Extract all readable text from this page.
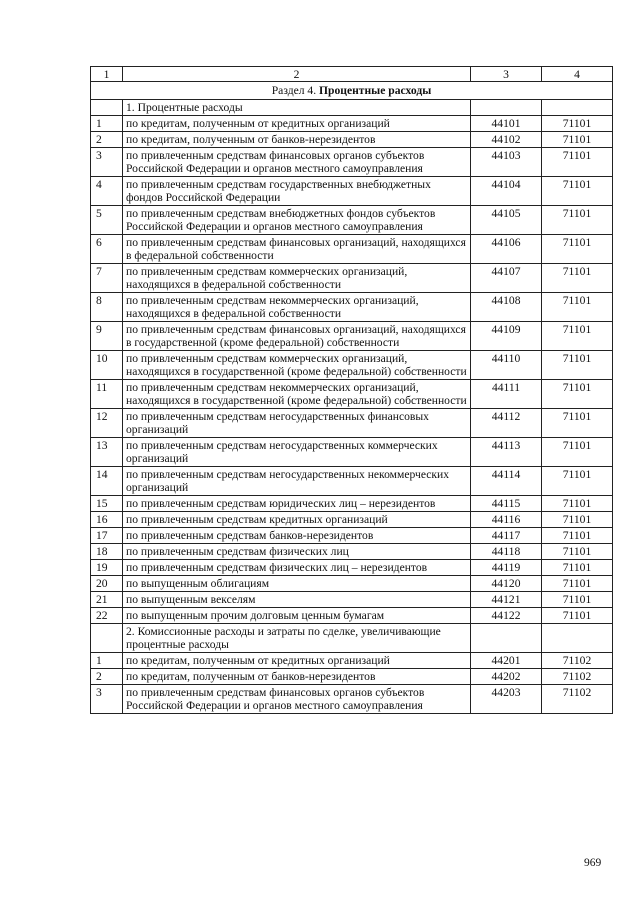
1	2	3	4
Раздел 4. Процентные расходы			
	1. Процентные расходы		
1	по кредитам, полученным от кредитных организаций	44101	71101
2	по кредитам, полученным от банков-нерезидентов	44102	71101
3	по привлеченным средствам финансовых органов субъектов Российской Федерации и органов местного самоуправления	44103	71101
4	по привлеченным средствам государственных внебюджетных фондов Российской Федерации	44104	71101
5	по привлеченным средствам внебюджетных фондов субъектов Российской Федерации и органов местного самоуправления	44105	71101
6	по привлеченным средствам финансовых организаций, находящихся в федеральной собственности	44106	71101
7	по привлеченным средствам коммерческих организаций, находящихся в федеральной собственности	44107	71101
8	по привлеченным средствам некоммерческих организаций, находящихся в федеральной собственности	44108	71101
9	по привлеченным средствам финансовых организаций, находящихся в государственной (кроме федеральной) собственности	44109	71101
10	по привлеченным средствам коммерческих организаций, находящихся в государственной (кроме федеральной) собственности	44110	71101
11	по привлеченным средствам некоммерческих организаций, находящихся в государственной (кроме федеральной) собственности	44111	71101
12	по привлеченным средствам негосударственных финансовых организаций	44112	71101
13	по привлеченным средствам негосударственных коммерческих организаций	44113	71101
14	по привлеченным средствам негосударственных некоммерческих организаций	44114	71101
15	по привлеченным средствам юридических лиц – нерезидентов	44115	71101
16	по привлеченным средствам кредитных организаций	44116	71101
17	по привлеченным средствам банков-нерезидентов	44117	71101
18	по привлеченным средствам физических лиц	44118	71101
19	по привлеченным средствам физических лиц – нерезидентов	44119	71101
20	по выпущенным облигациям	44120	71101
21	по выпущенным векселям	44121	71101
22	по выпущенным прочим долговым ценным бумагам	44122	71101
	2. Комиссионные расходы и затраты по сделке, увеличивающие процентные расходы		
1	по кредитам, полученным от кредитных организаций	44201	71102
2	по кредитам, полученным от банков-нерезидентов	44202	71102
3	по привлеченным средствам финансовых органов субъектов Российской Федерации и органов местного самоуправления	44203	71102
969
